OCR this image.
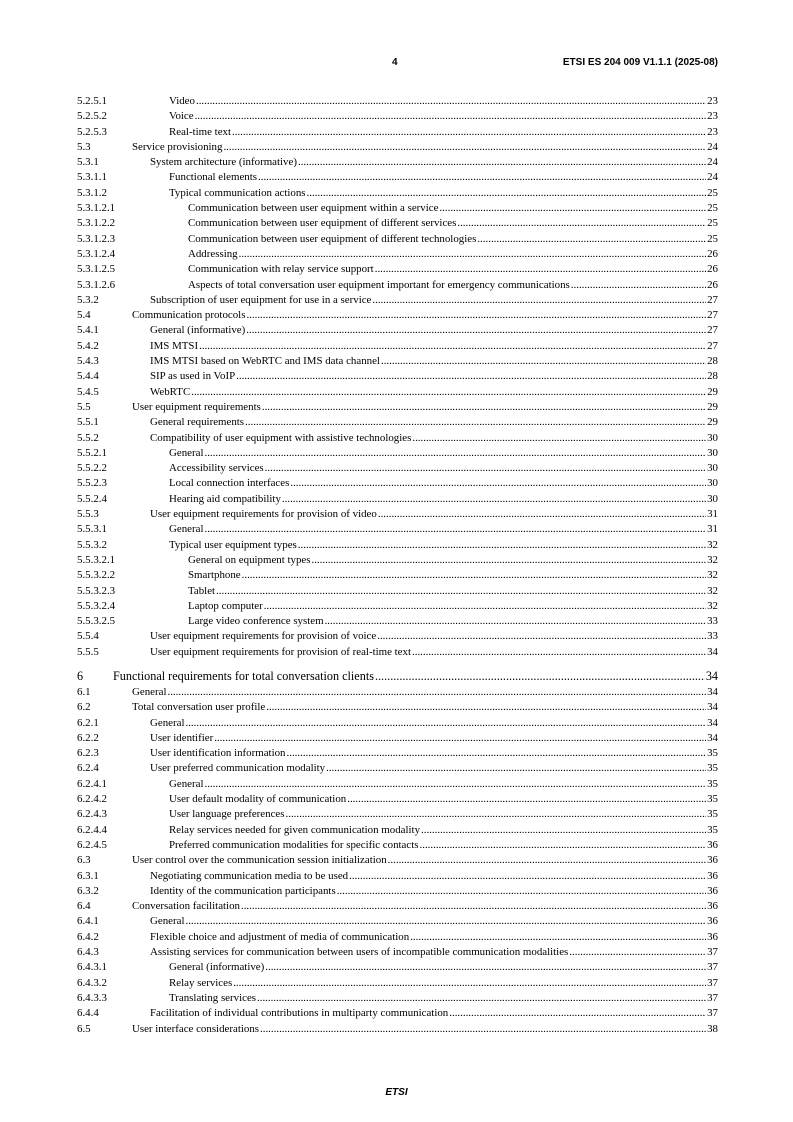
4	ETSI ES 204 009 V1.1.1 (2025-08)
5.2.5.1	Video .....	23
5.2.5.2	Voice .....	23
5.2.5.3	Real-time text .....	23
5.3	Service provisioning .....	24
5.3.1	System architecture (informative) .....	24
5.3.1.1	Functional elements .....	24
5.3.1.2	Typical communication actions .....	25
5.3.1.2.1	Communication between user equipment within a service .....	25
5.3.1.2.2	Communication between user equipment of different services .....	25
5.3.1.2.3	Communication between user equipment of different technologies .....	25
5.3.1.2.4	Addressing .....	26
5.3.1.2.5	Communication with relay service support .....	26
5.3.1.2.6	Aspects of total conversation user equipment important for emergency communications .....	26
5.3.2	Subscription of user equipment for use in a service .....	27
5.4	Communication protocols .....	27
5.4.1	General (informative) .....	27
5.4.2	IMS MTSI .....	27
5.4.3	IMS MTSI based on WebRTC and IMS data channel .....	28
5.4.4	SIP as used in VoIP .....	28
5.4.5	WebRTC .....	29
5.5	User equipment requirements .....	29
5.5.1	General requirements .....	29
5.5.2	Compatibility of user equipment with assistive technologies .....	30
5.5.2.1	General .....	30
5.5.2.2	Accessibility services .....	30
5.5.2.3	Local connection interfaces .....	30
5.5.2.4	Hearing aid compatibility .....	30
5.5.3	User equipment requirements for provision of video .....	31
5.5.3.1	General .....	31
5.5.3.2	Typical user equipment types .....	32
5.5.3.2.1	General on equipment types .....	32
5.5.3.2.2	Smartphone .....	32
5.5.3.2.3	Tablet .....	32
5.5.3.2.4	Laptop computer .....	32
5.5.3.2.5	Large video conference system .....	33
5.5.4	User equipment requirements for provision of voice .....	33
5.5.5	User equipment requirements for provision of real-time text .....	34
6	Functional requirements for total conversation clients .....	34
6.1	General .....	34
6.2	Total conversation user profile .....	34
6.2.1	General .....	34
6.2.2	User identifier .....	34
6.2.3	User identification information .....	35
6.2.4	User preferred communication modality .....	35
6.2.4.1	General .....	35
6.2.4.2	User default modality of communication .....	35
6.2.4.3	User language preferences .....	35
6.2.4.4	Relay services needed for given communication modality .....	35
6.2.4.5	Preferred communication modalities for specific contacts .....	36
6.3	User control over the communication session initialization .....	36
6.3.1	Negotiating communication media to be used .....	36
6.3.2	Identity of the communication participants .....	36
6.4	Conversation facilitation .....	36
6.4.1	General .....	36
6.4.2	Flexible choice and adjustment of media of communication .....	36
6.4.3	Assisting services for communication between users of incompatible communication modalities .....	37
6.4.3.1	General (informative) .....	37
6.4.3.2	Relay services .....	37
6.4.3.3	Translating services .....	37
6.4.4	Facilitation of individual contributions in multiparty communication .....	37
6.5	User interface considerations .....	38
ETSI
